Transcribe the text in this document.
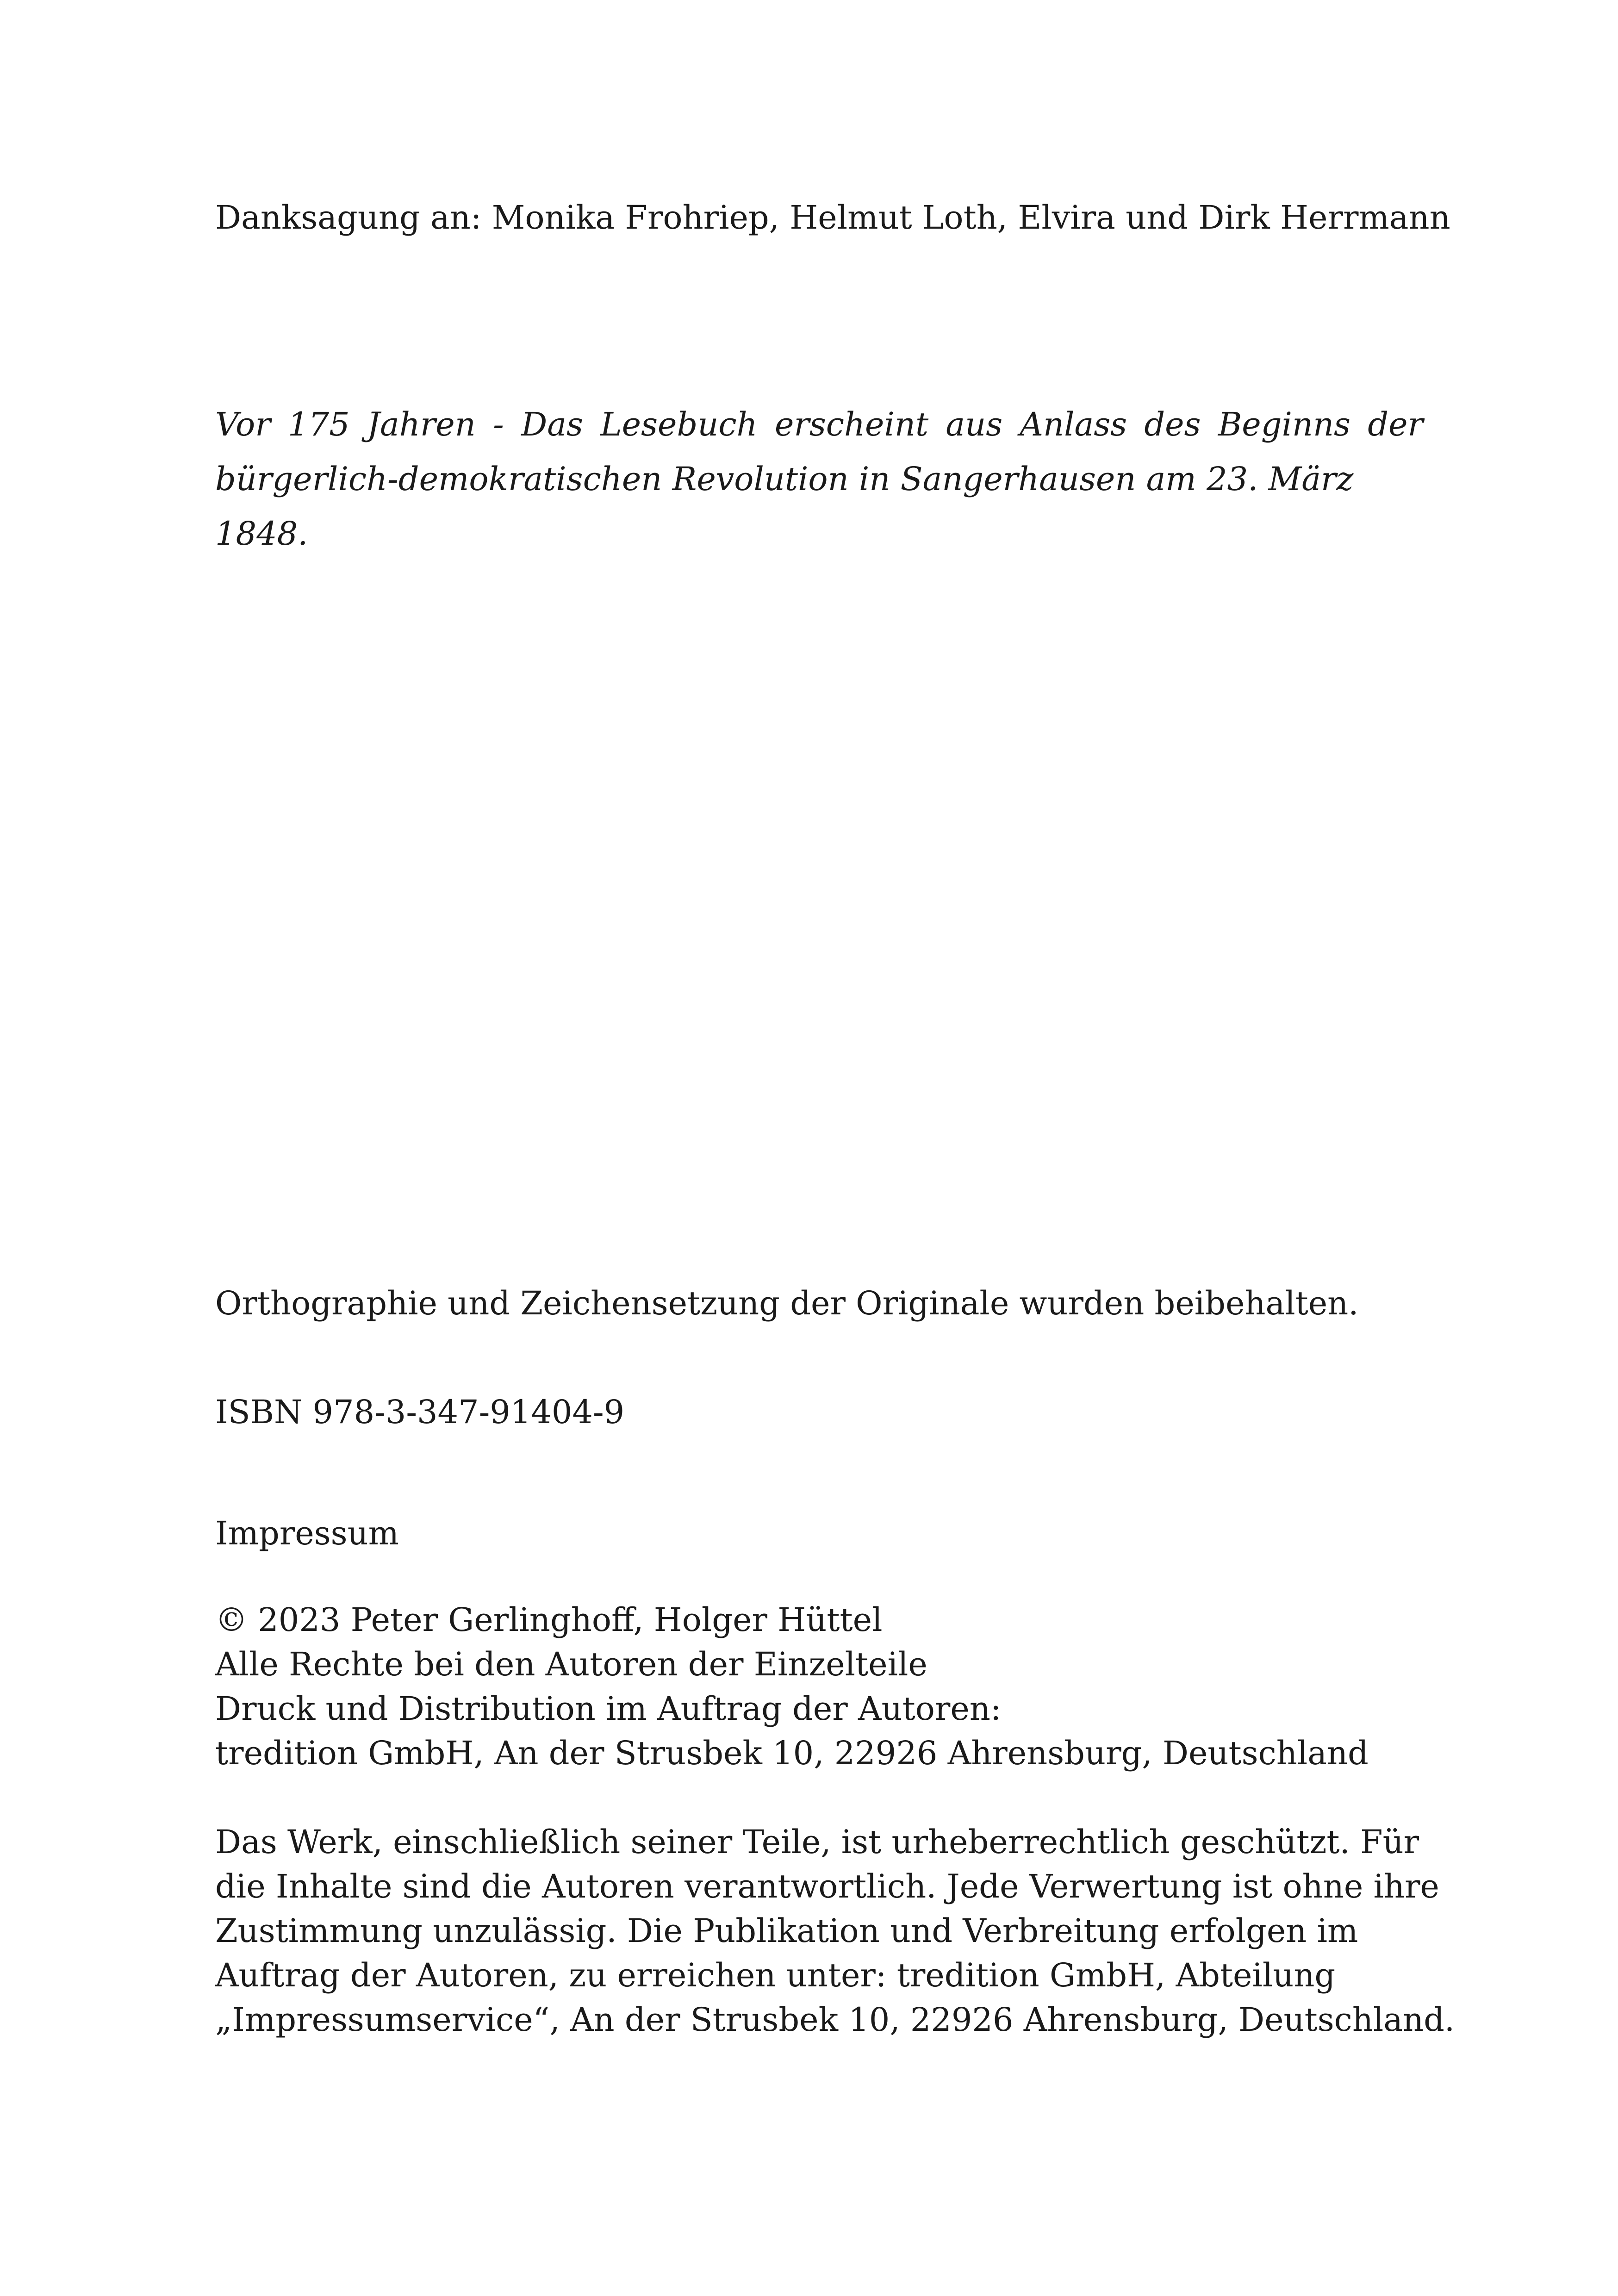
Danksagung an: Monika Frohriep, Helmut Loth, Elvira und Dirk Herrmann
Vor 175 Jahren - Das Lesebuch erscheint aus Anlass des Beginns der
bürgerlich-demokratischen Revolution in Sangerhausen am 23. März 1848.
Orthographie und Zeichensetzung der Originale wurden beibehalten.
ISBN 978-3-347-91404-9
Impressum
© 2023 Peter Gerlinghoff, Holger Hüttel
Alle Rechte bei den Autoren der Einzelteile
Druck und Distribution im Auftrag der Autoren:
tredition GmbH, An der Strusbek 10, 22926 Ahrensburg, Deutschland
Das Werk, einschließlich seiner Teile, ist urheberrechtlich geschützt. Für
die Inhalte sind die Autoren verantwortlich. Jede Verwertung ist ohne ihre
Zustimmung unzulässig. Die Publikation und Verbreitung erfolgen im
Auftrag der Autoren, zu erreichen unter: tredition GmbH, Abteilung
„Impressumservice“, An der Strusbek 10, 22926 Ahrensburg, Deutschland.
